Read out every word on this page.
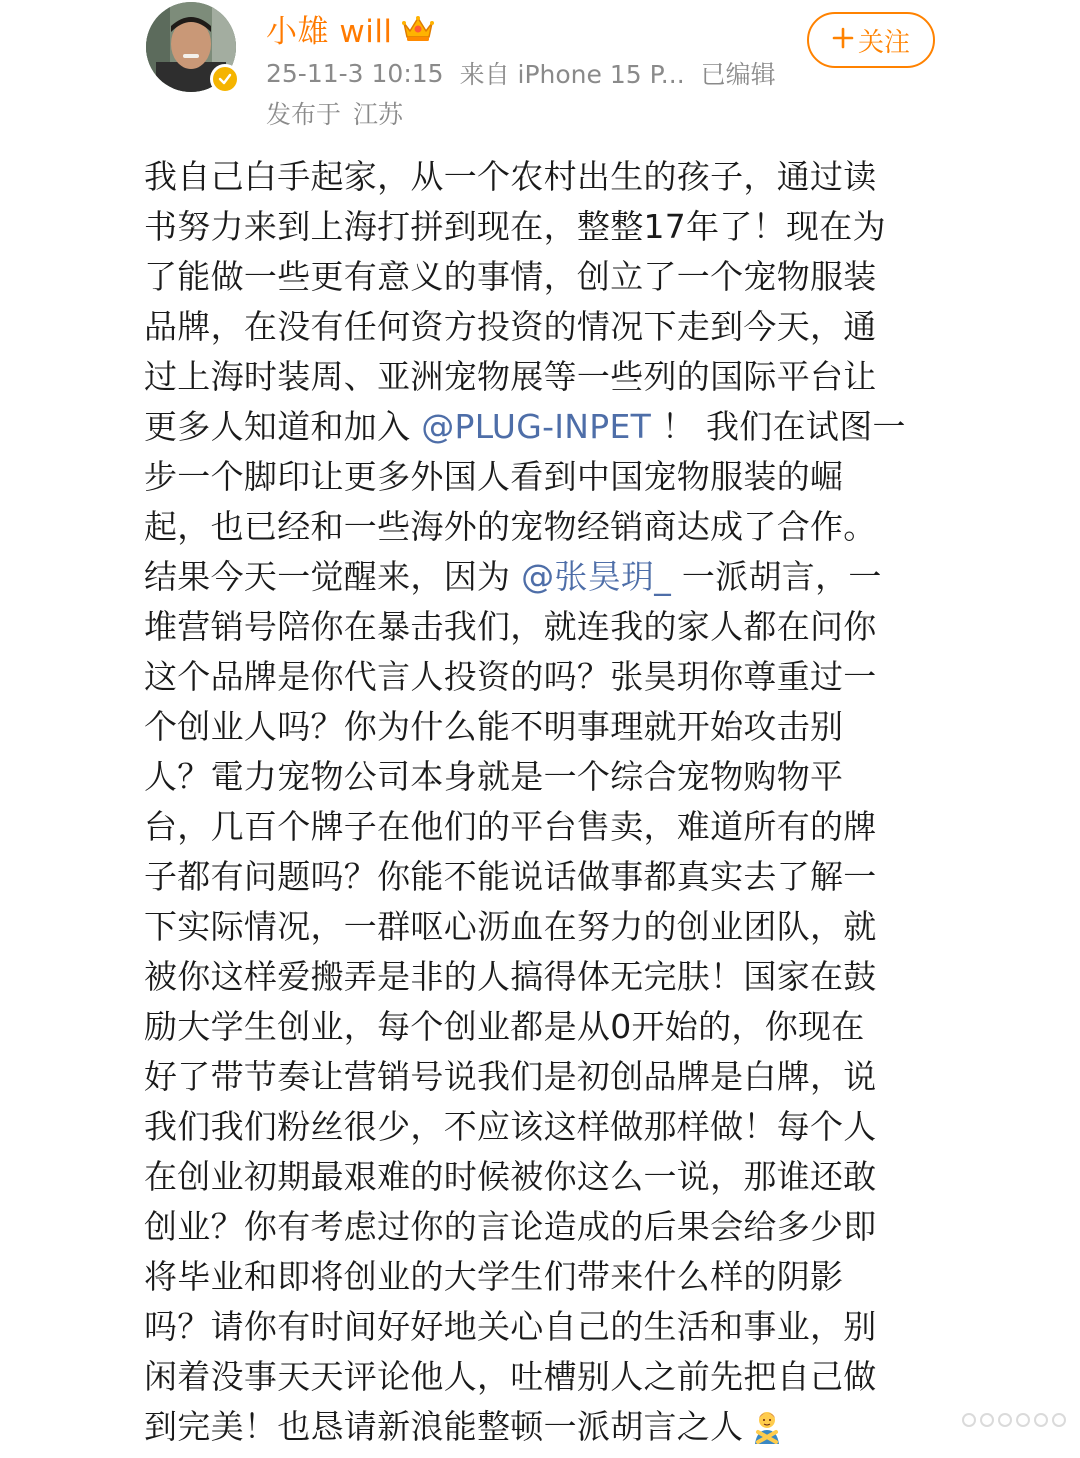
小雄 will
25-11-3 10:15 来自 iPhone 15 P... 已编辑
发布于 江苏
关注
我自己白手起家，从一个农村出生的孩子，通过读
书努力来到上海打拼到现在，整整17年了！现在为
了能做一些更有意义的事情，创立了一个宠物服装
品牌，在没有任何资方投资的情况下走到今天，通
过上海时装周、亚洲宠物展等一些列的国际平台让
更多人知道和加入 @PLUG-INPET ！ 我们在试图一
步一个脚印让更多外国人看到中国宠物服装的崛
起，也已经和一些海外的宠物经销商达成了合作。
结果今天一觉醒来，因为 @张昊玥_ 一派胡言，一
堆营销号陪你在暴击我们，就连我的家人都在问你
这个品牌是你代言人投资的吗？张昊玥你尊重过一
个创业人吗？你为什么能不明事理就开始攻击别
人？電力宠物公司本身就是一个综合宠物购物平
台，几百个牌子在他们的平台售卖，难道所有的牌
子都有问题吗？你能不能说话做事都真实去了解一
下实际情况，一群呕心沥血在努力的创业团队，就
被你这样爱搬弄是非的人搞得体无完肤！国家在鼓
励大学生创业，每个创业都是从0开始的，你现在
好了带节奏让营销号说我们是初创品牌是白牌，说
我们我们粉丝很少，不应该这样做那样做！每个人
在创业初期最艰难的时候被你这么一说，那谁还敢
创业？你有考虑过你的言论造成的后果会给多少即
将毕业和即将创业的大学生们带来什么样的阴影
吗？请你有时间好好地关心自己的生活和事业，别
闲着没事天天评论他人，吐槽别人之前先把自己做
到完美！也恳请新浪能整顿一派胡言之人
